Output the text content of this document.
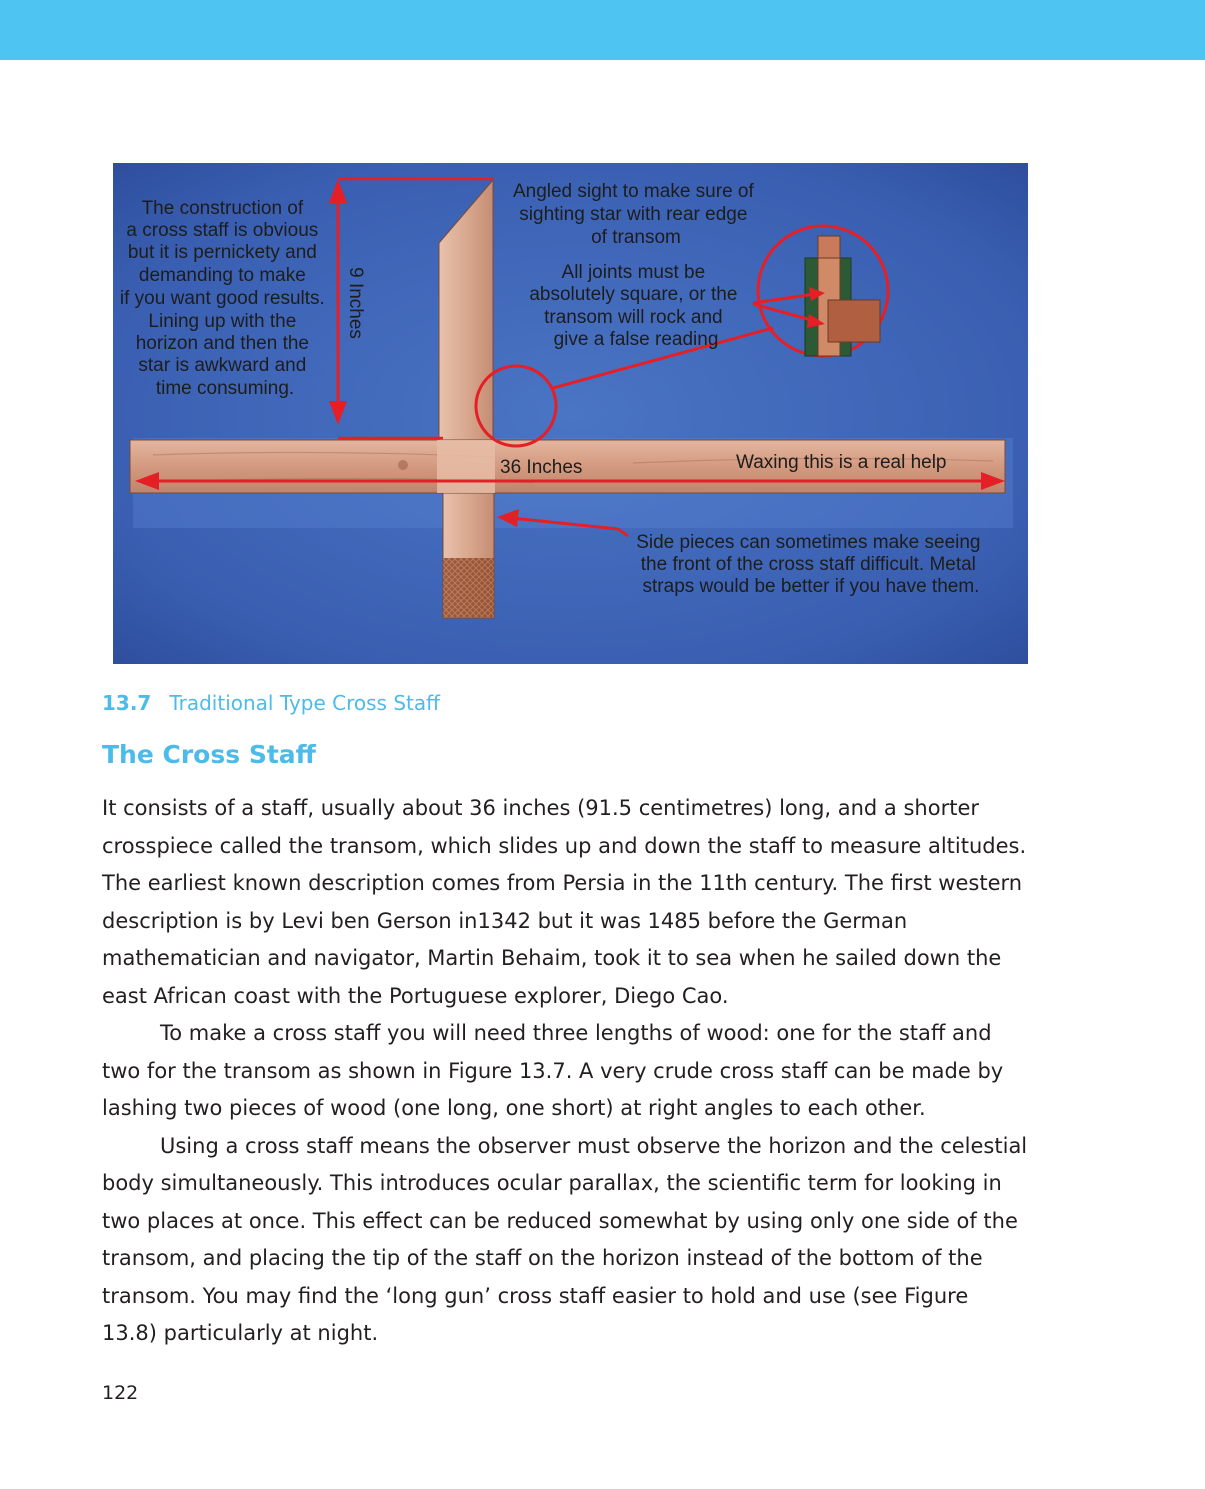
The construction of a cross staff is obvious but it is pernickety and demanding to make if you want good results. Lining up with the horizon and then the star is awkward and time consuming.
Angled sight to make sure of sighting star with rear edge of transom
All joints must be absolutely square, or the transom will rock and give a false reading
9 Inches
36 Inches	Waxing this is a real help
Side pieces can sometimes make seeing the front of the cross staff difficult. Metal straps would be better if you have them.
13.7 Traditional Type Cross Staff
The Cross Staff

It consists of a staff, usually about 36 inches (91.5 centimetres) long, and a shorter
crosspiece called the transom, which slides up and down the staff to measure altitudes.
The earliest known description comes from Persia in the 11th century. The first western
description is by Levi ben Gerson in1342 but it was 1485 before the German
mathematician and navigator, Martin Behaim, took it to sea when he sailed down the
east African coast with the Portuguese explorer, Diego Cao.

To make a cross staff you will need three lengths of wood: one for the staff and
two for the transom as shown in Figure 13.7. A very crude cross staff can be made by
lashing two pieces of wood (one long, one short) at right angles to each other.

Using a cross staff means the observer must observe the horizon and the celestial
body simultaneously. This introduces ocular parallax, the scientific term for looking in
two places at once. This effect can be reduced somewhat by using only one side of the
transom, and placing the tip of the staff on the horizon instead of the bottom of the
transom. You may find the ‘long gun’ cross staff easier to hold and use (see Figure
13.8) particularly at night.

122
